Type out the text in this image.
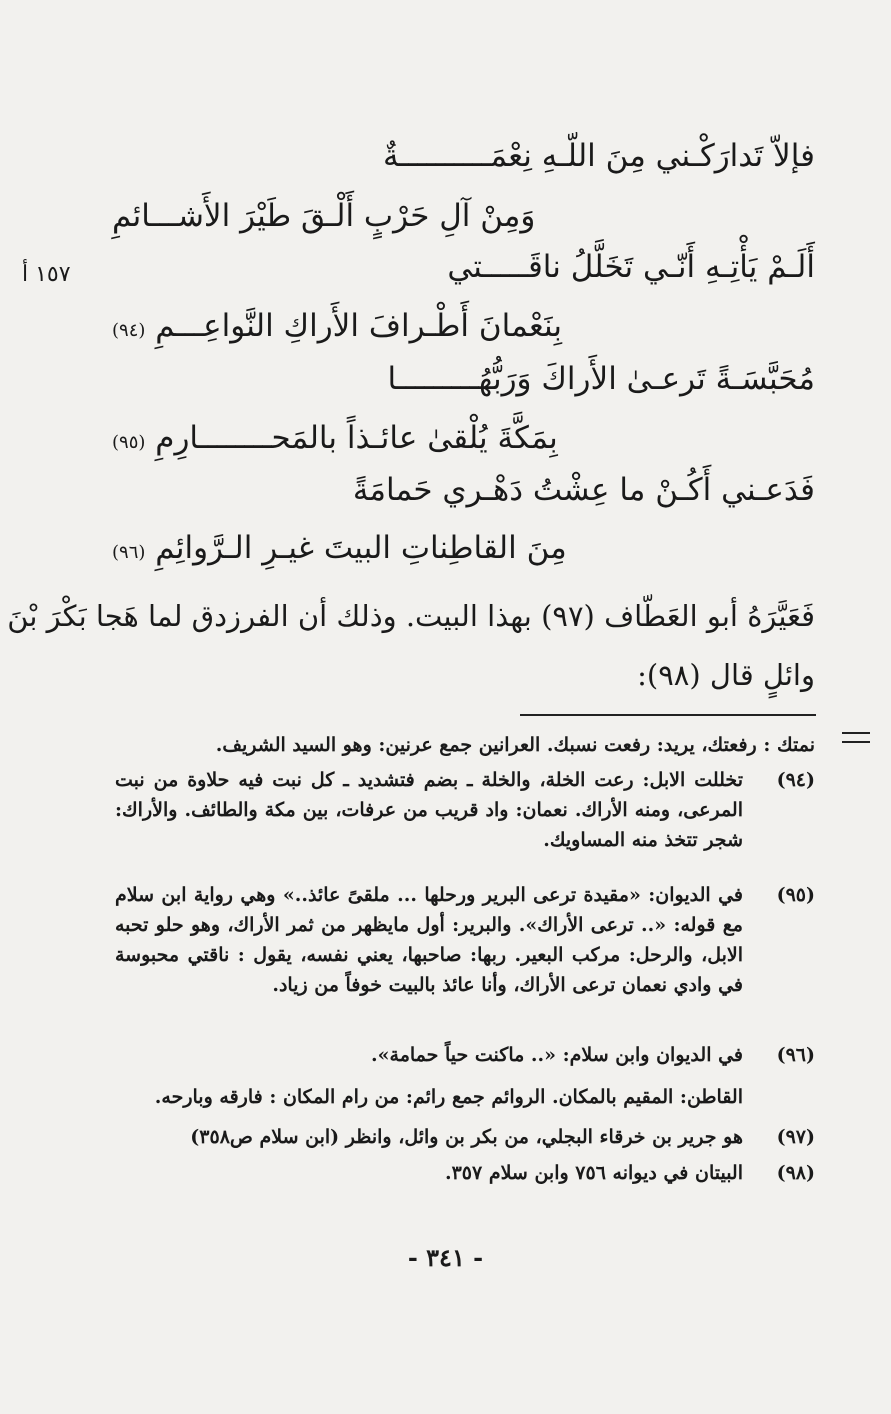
١٥٧ أ
فإلاّ تَدارَكْـني مِنَ اللّـهِ نِعْمَــــــــــةٌ
وَمِنْ آلِ حَرْبٍ أَلْـقَ طَيْرَ الأَشـــائمِ
أَلَـمْ يَأْتِـهِ أَنّـي تَخَلَّلُ ناقَـــــتي
بِنَعْمانَ أَطْـرافَ الأَراكِ النَّواعِـــمِ (٩٤)
مُحَبَّسَـةً تَرعـىٰ الأَراكَ وَرَبُّهُـــــــــا
بِمَكَّةَ يُلْقىٰ عائـذاً بالمَحــــــــارِمِ (٩٥)
فَدَعـني أَكُـنْ ما عِشْتُ دَهْـري حَمامَةً
مِنَ القاطِناتِ البيتَ غيـرِ الـرَّوائِمِ (٩٦)
فَعَيَّرَهُ أبو العَطّاف (٩٧) بهذا البيت. وذلك أن الفرزدق لما هَجا بَكْرَ بْنَ
وائلٍ قال (٩٨):
نمتك : رفعتك، يريد: رفعت نسبك. العرانين جمع عرنين: وهو السيد الشريف.
(٩٤)
تخللت الابل: رعت الخلة، والخلة ـ بضم فتشديد ـ كل نبت فيه حلاوة من نبت المرعى، ومنه الأراك. نعمان: واد قريب من عرفات، بين مكة والطائف. والأراك: شجر تتخذ منه المساويك.
(٩٥)
في الديوان: «مقيدة ترعى البرير ورحلها ... ملقىً عائذ..» وهي رواية ابن سلام مع قوله: «.. ترعى الأراك». والبرير: أول مايظهر من ثمر الأراك، وهو حلو تحبه الابل، والرحل: مركب البعير. ربها: صاحبها، يعني نفسه، يقول : ناقتي محبوسة في وادي نعمان ترعى الأراك، وأنا عائذ بالبيت خوفاً من زياد.
(٩٦)
في الديوان وابن سلام: «.. ماكنت حياً حمامة».
القاطن: المقيم بالمكان. الروائم جمع رائم: من رام المكان : فارقه وبارحه.
(٩٧)
هو جرير بن خرقاء البجلي، من بكر بن وائل، وانظر (ابن سلام ص٣٥٨)
(٩٨)
البيتان في ديوانه ٧٥٦ وابن سلام ٣٥٧.
- ٣٤١ -
